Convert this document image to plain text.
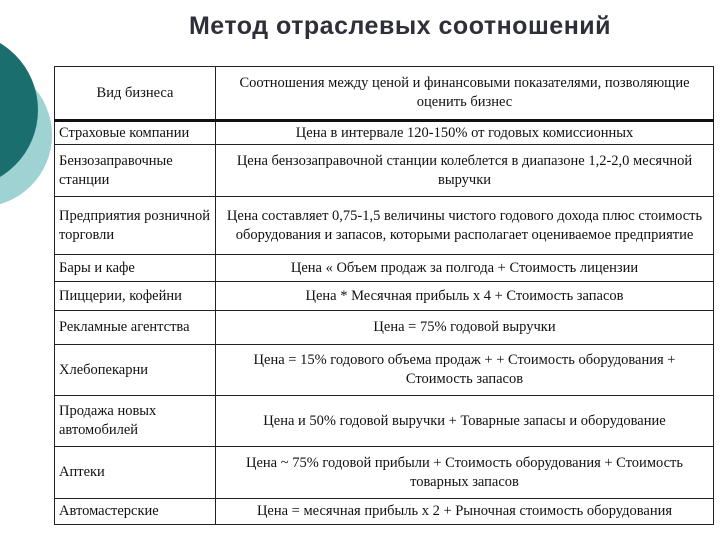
Метод отраслевых соотношений
Вид бизнеса	Соотношения между ценой и финансовыми показателями, позволяющие оценить бизнес
Страховые компании	Цена в интервале 120-150% от годовых комиссионных
Бензозаправочные станции	Цена бензозаправочной станции колеблется в диапазоне 1,2-2,0 месячной выручки
Предприятия розничной торговли	Цена составляет 0,75-1,5 величины чистого годового дохода плюс стоимость оборудования и запасов, которыми располагает оцениваемое предприятие
Бары и кафе	Цена « Объем продаж за полгода + Стоимость лицензии
Пиццерии, кофейни	Цена * Месячная прибыль х 4 + Стоимость запасов
Рекламные агентства	Цена = 75% годовой выручки
Хлебопекарни	Цена = 15% годового объема продаж + + Стоимость оборудования + Стоимость запасов
Продажа новых автомобилей	Цена и 50% годовой выручки + Товарные запасы и оборудование
Аптеки	Цена ~ 75% годовой прибыли + Стоимость оборудования + Стоимость товарных запасов
Автомастерские	Цена = месячная прибыль х 2 + Рыночная стоимость оборудования
